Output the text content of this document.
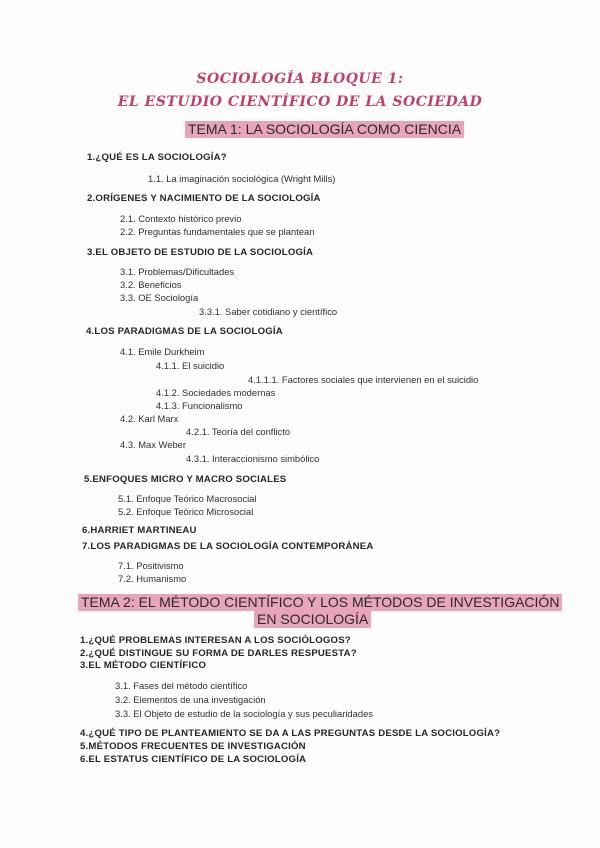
SOCIOLOGÍA BLOQUE 1:
EL ESTUDIO CIENTÍFICO DE LA SOCIEDAD
TEMA 1: LA SOCIOLOGÍA COMO CIENCIA
1.¿QUÉ ES LA SOCIOLOGÍA?
1.1. La imaginación sociológica (Wright Mills)
2.ORÍGENES Y NACIMIENTO DE LA SOCIOLOGÍA
2.1. Contexto histórico previo
2.2. Preguntas fundamentales que se plantean
3.EL OBJETO DE ESTUDIO DE LA SOCIOLOGÍA
3.1. Problemas/Dificultades
3.2. Beneficios
3.3. OE Sociología
3.3.1. Saber cotidiano y científico
4.LOS PARADIGMAS DE LA SOCIOLOGÍA
4.1. Emile Durkheim
4.1.1. El suicidio
4.1.1.1. Factores sociales que intervienen en el suicidio
4.1.2. Sociedades modernas
4.1.3. Funcionalismo
4.2. Karl Marx
4.2.1. Teoría del conflicto
4.3. Max Weber
4.3.1. Interaccionismo simbólico
5.ENFOQUES MICRO Y MACRO SOCIALES
5.1. Enfoque Teórico Macrosocial
5.2. Enfoque Teórico Microsocial
6.HARRIET MARTINEAU
7.LOS PARADIGMAS DE LA SOCIOLOGÍA CONTEMPORÁNEA
7.1. Positivismo
7.2. Humanismo
TEMA 2: EL MÉTODO CIENTÍFICO Y LOS MÉTODOS DE INVESTIGACIÓN
EN SOCIOLOGÍA
1.¿QUÉ PROBLEMAS INTERESAN A LOS SOCIÓLOGOS?
2.¿QUÉ DISTINGUE SU FORMA DE DARLES RESPUESTA?
3.EL MÉTODO CIENTÍFICO
3.1. Fases del método científico
3.2. Elementos de una investigación
3.3. El Objeto de estudio de la sociología y sus peculiaridades
4.¿QUÉ TIPO DE PLANTEAMIENTO SE DA A LAS PREGUNTAS DESDE LA SOCIOLOGÍA?
5.MÉTODOS FRECUENTES DE INVESTIGACIÓN
6.EL ESTATUS CIENTÍFICO DE LA SOCIOLOGÍA
